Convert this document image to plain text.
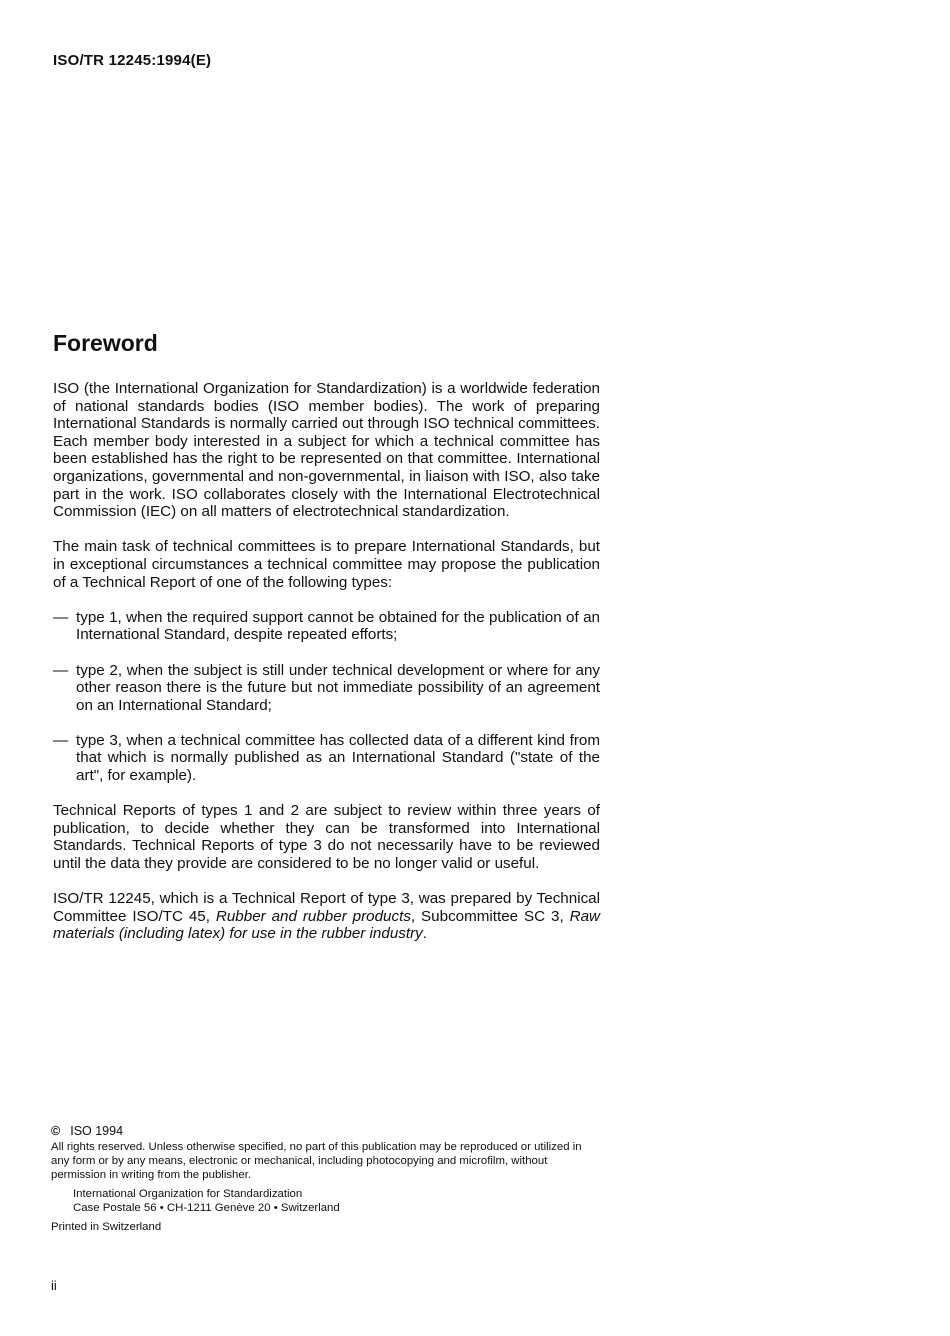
ISO/TR 12245:1994(E)
Foreword

ISO (the International Organization for Standardization) is a worldwide federation of national standards bodies (ISO member bodies). The work of preparing International Standards is normally carried out through ISO technical committees. Each member body interested in a subject for which a technical committee has been established has the right to be represented on that committee. International organizations, governmental and non-governmental, in liaison with ISO, also take part in the work. ISO collaborates closely with the International Electrotechnical Commission (IEC) on all matters of electrotechnical standardization.

The main task of technical committees is to prepare International Standards, but in exceptional circumstances a technical committee may propose the publication of a Technical Report of one of the following types:

— type 1, when the required support cannot be obtained for the publication of an International Standard, despite repeated efforts;
— type 2, when the subject is still under technical development or where for any other reason there is the future but not immediate possibility of an agreement on an International Standard;
— type 3, when a technical committee has collected data of a different kind from that which is normally published as an International Standard ("state of the art", for example).

Technical Reports of types 1 and 2 are subject to review within three years of publication, to decide whether they can be transformed into International Standards. Technical Reports of type 3 do not necessarily have to be reviewed until the data they provide are considered to be no longer valid or useful.

ISO/TR 12245, which is a Technical Report of type 3, was prepared by Technical Committee ISO/TC 45, Rubber and rubber products, Subcommittee SC 3, Raw materials (including latex) for use in the rubber industry.

© ISO 1994

All rights reserved. Unless otherwise specified, no part of this publication may be reproduced or utilized in any form or by any means, electronic or mechanical, including photocopying and microfilm, without permission in writing from the publisher.

International Organization for Standardization
Case Postale 56 • CH-1211 Genève 20 • Switzerland
Printed in Switzerland
ii
